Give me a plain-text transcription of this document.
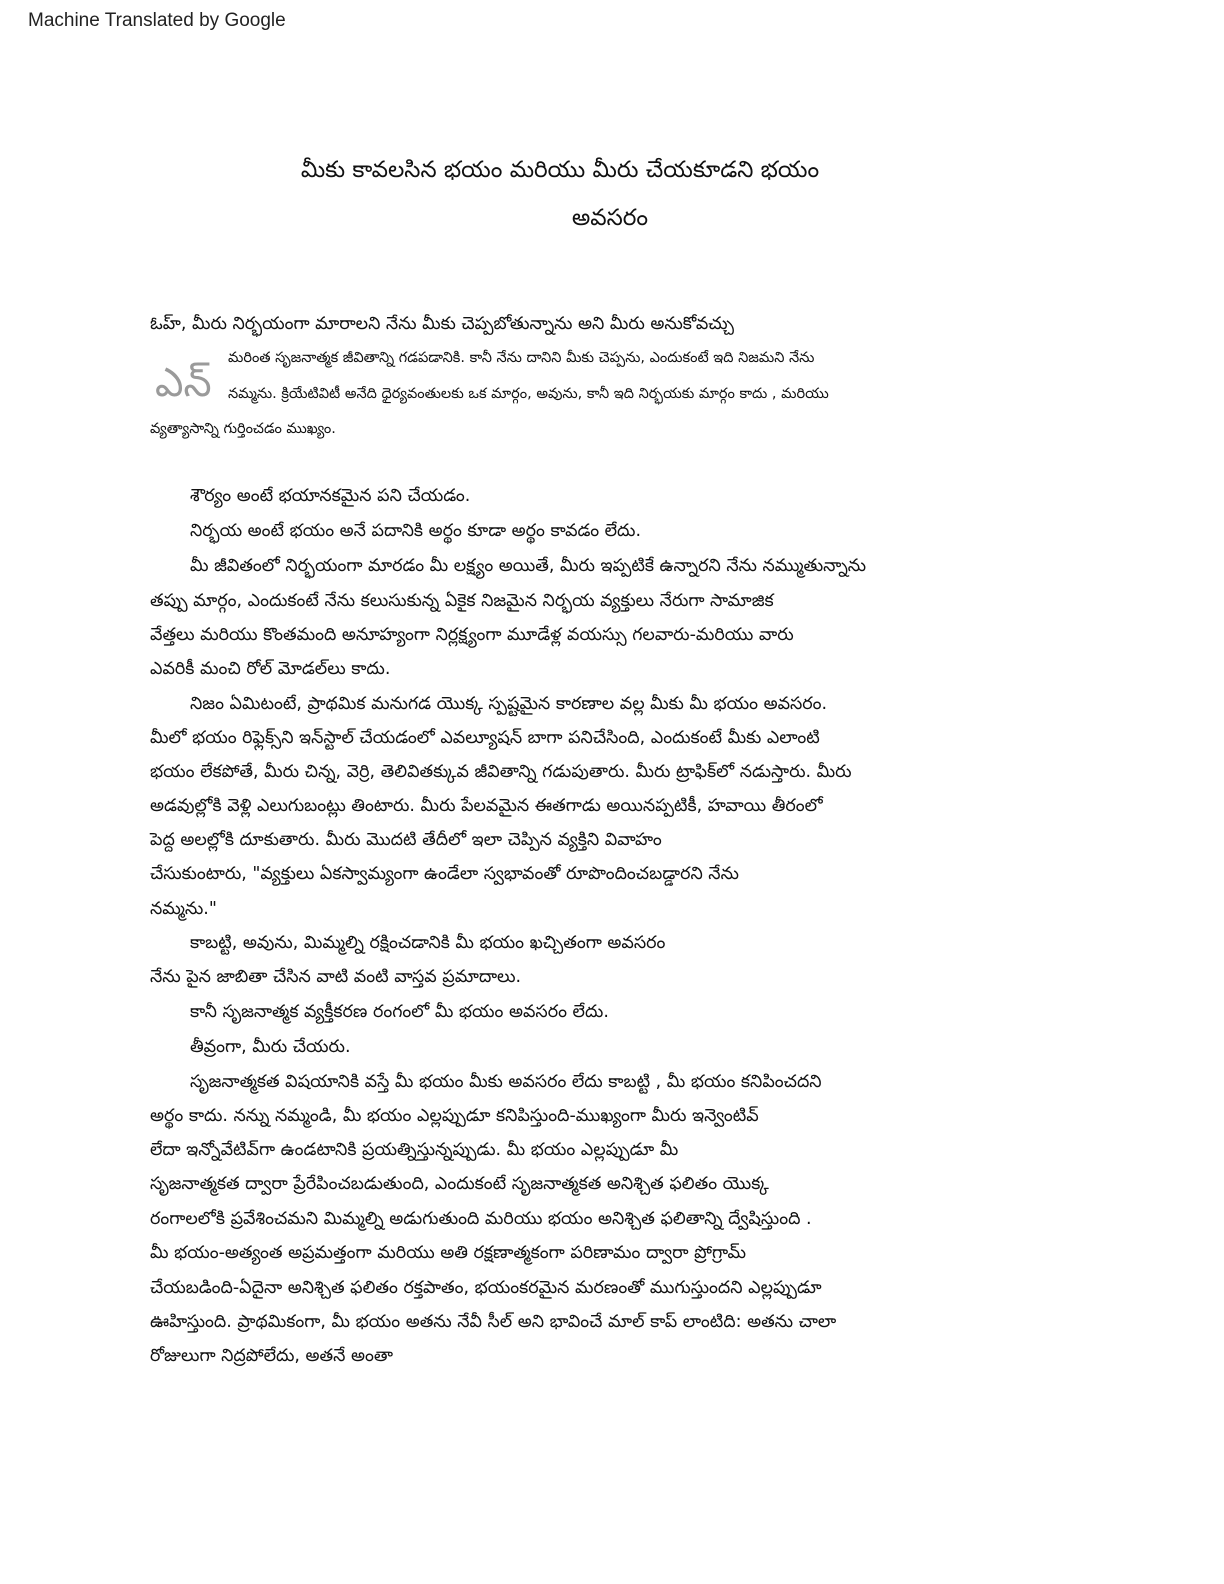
Machine Translated by Google
మీకు కావలసిన భయం మరియు మీరు చేయకూడని భయం
అవసరం
ఓహ్, మీరు నిర్భయంగా మారాలని నేను మీకు చెప్పబోతున్నాను అని మీరు అనుకోవచ్చు
ఎన్
మరింత సృజనాత్మక జీవితాన్ని గడపడానికి. కానీ నేను దానిని మీకు చెప్పను, ఎందుకంటే ఇది నిజమని నేను
నమ్మను. క్రియేటివిటీ అనేది ధైర్యవంతులకు ఒక మార్గం, అవును, కానీ ఇది నిర్భయకు మార్గం కాదు , మరియు
వ్యత్యాసాన్ని గుర్తించడం ముఖ్యం.
శౌర్యం అంటే భయానకమైన పని చేయడం.
నిర్భయ అంటే భయం అనే పదానికి అర్థం కూడా అర్థం కావడం లేదు.
మీ జీవితంలో నిర్భయంగా మారడం మీ లక్ష్యం అయితే, మీరు ఇప్పటికే ఉన్నారని నేను నమ్ముతున్నాను
తప్పు మార్గం, ఎందుకంటే నేను కలుసుకున్న ఏకైక నిజమైన నిర్భయ వ్యక్తులు నేరుగా సామాజిక
వేత్తలు మరియు కొంతమంది అనూహ్యంగా నిర్లక్ష్యంగా మూడేళ్ల వయస్సు గలవారు-మరియు వారు
ఎవరికీ మంచి రోల్ మోడల్‌లు కాదు.
నిజం ఏమిటంటే, ప్రాథమిక మనుగడ యొక్క స్పష్టమైన కారణాల వల్ల మీకు మీ భయం అవసరం.
మీలో భయం రిఫ్లెక్స్‌ని ఇన్‌స్టాల్ చేయడంలో ఎవల్యూషన్ బాగా పనిచేసింది, ఎందుకంటే మీకు ఎలాంటి
భయం లేకపోతే, మీరు చిన్న, వెర్రి, తెలివితక్కువ జీవితాన్ని గడుపుతారు. మీరు ట్రాఫిక్‌లో నడుస్తారు. మీరు
అడవుల్లోకి వెళ్లి ఎలుగుబంట్లు తింటారు. మీరు పేలవమైన ఈతగాడు అయినప్పటికీ, హవాయి తీరంలో
పెద్ద అలల్లోకి దూకుతారు. మీరు మొదటి తేదీలో ఇలా చెప్పిన వ్యక్తిని వివాహం
చేసుకుంటారు, "వ్యక్తులు ఏకస్వామ్యంగా ఉండేలా స్వభావంతో రూపొందించబడ్డారని నేను
నమ్మను."
కాబట్టి, అవును, మిమ్మల్ని రక్షించడానికి మీ భయం ఖచ్చితంగా అవసరం
నేను పైన జాబితా చేసిన వాటి వంటి వాస్తవ ప్రమాదాలు.
కానీ సృజనాత్మక వ్యక్తీకరణ రంగంలో మీ భయం అవసరం లేదు.
తీవ్రంగా, మీరు చేయరు.
సృజనాత్మకత విషయానికి వస్తే మీ భయం మీకు అవసరం లేదు కాబట్టి , మీ భయం కనిపించదని
అర్థం కాదు. నన్ను నమ్మండి, మీ భయం ఎల్లప్పుడూ కనిపిస్తుంది-ముఖ్యంగా మీరు ఇన్వెంటివ్
లేదా ఇన్నోవేటివ్‌గా ఉండటానికి ప్రయత్నిస్తున్నప్పుడు. మీ భయం ఎల్లప్పుడూ మీ
సృజనాత్మకత ద్వారా ప్రేరేపించబడుతుంది, ఎందుకంటే సృజనాత్మకత అనిశ్చిత ఫలితం యొక్క
రంగాలలోకి ప్రవేశించమని మిమ్మల్ని అడుగుతుంది మరియు భయం అనిశ్చిత ఫలితాన్ని ద్వేషిస్తుంది .
మీ భయం-అత్యంత అప్రమత్తంగా మరియు అతి రక్షణాత్మకంగా పరిణామం ద్వారా ప్రోగ్రామ్
చేయబడింది-ఏదైనా అనిశ్చిత ఫలితం రక్తపాతం, భయంకరమైన మరణంతో ముగుస్తుందని ఎల్లప్పుడూ
ఊహిస్తుంది. ప్రాథమికంగా, మీ భయం అతను నేవీ సీల్ అని భావించే మాల్ కాప్ లాంటిది: అతను చాలా
రోజులుగా నిద్రపోలేదు, అతనే అంతా
